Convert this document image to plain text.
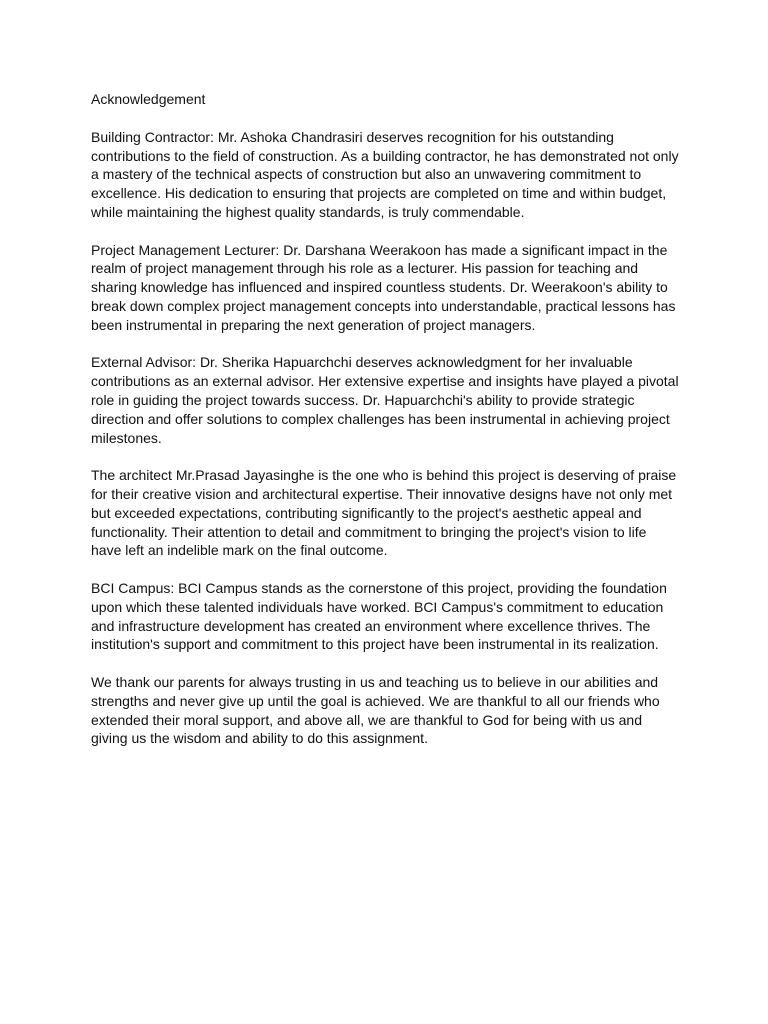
Acknowledgement

Building Contractor: Mr. Ashoka Chandrasiri deserves recognition for his outstanding contributions to the field of construction. As a building contractor, he has demonstrated not only a mastery of the technical aspects of construction but also an unwavering commitment to excellence. His dedication to ensuring that projects are completed on time and within budget, while maintaining the highest quality standards, is truly commendable.

Project Management Lecturer: Dr. Darshana Weerakoon has made a significant impact in the realm of project management through his role as a lecturer. His passion for teaching and sharing knowledge has influenced and inspired countless students. Dr. Weerakoon's ability to break down complex project management concepts into understandable, practical lessons has been instrumental in preparing the next generation of project managers.

External Advisor: Dr. Sherika Hapuarchchi deserves acknowledgment for her invaluable contributions as an external advisor. Her extensive expertise and insights have played a pivotal role in guiding the project towards success. Dr. Hapuarchchi's ability to provide strategic direction and offer solutions to complex challenges has been instrumental in achieving project milestones.

The architect Mr.Prasad Jayasinghe is the one who is behind this project is deserving of praise for their creative vision and architectural expertise. Their innovative designs have not only met but exceeded expectations, contributing significantly to the project's aesthetic appeal and functionality. Their attention to detail and commitment to bringing the project's vision to life have left an indelible mark on the final outcome.

BCI Campus: BCI Campus stands as the cornerstone of this project, providing the foundation upon which these talented individuals have worked. BCI Campus's commitment to education and infrastructure development has created an environment where excellence thrives. The institution's support and commitment to this project have been instrumental in its realization.

We thank our parents for always trusting in us and teaching us to believe in our abilities and strengths and never give up until the goal is achieved. We are thankful to all our friends who extended their moral support, and above all, we are thankful to God for being with us and giving us the wisdom and ability to do this assignment.
